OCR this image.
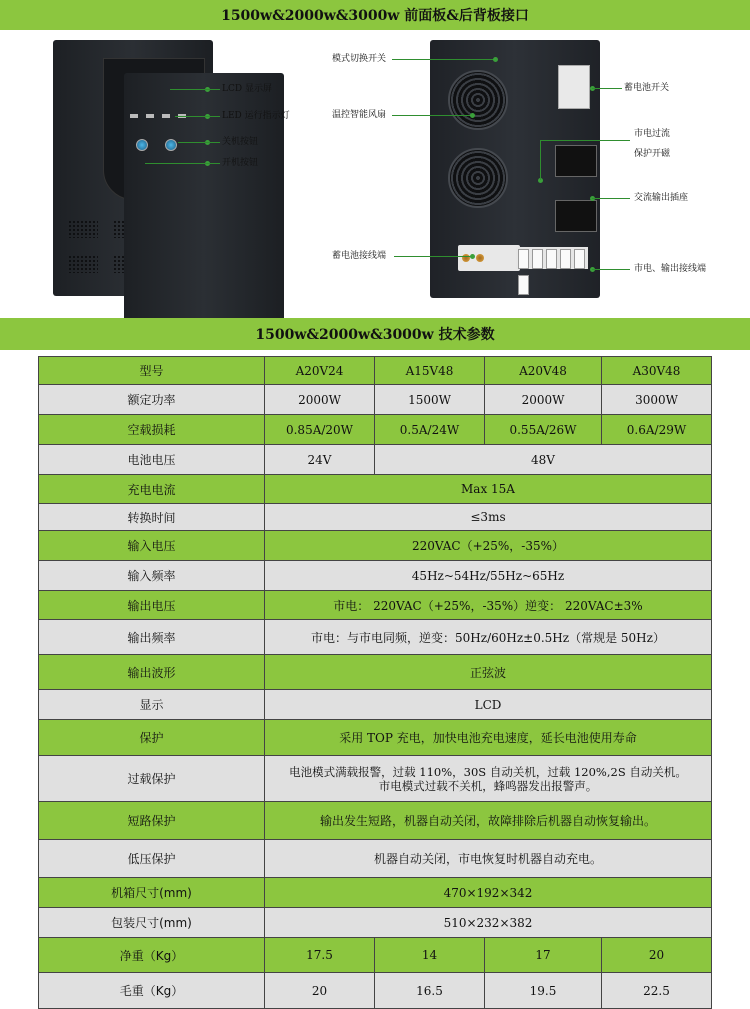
1500w&2000w&3000w 前面板&后背板接口
LCD 显示屏
LED 运行指示灯
关机按钮
开机按钮
模式切换开关
温控智能风扇
蓄电池接线端
蓄电池开关
市电过流
保护开磁
交流输出插座
市电、输出接线端
1500w&2000w&3000w 技术参数
型号	A20V24	A15V48	A20V48	A30V48
额定功率	2000W	1500W	2000W	3000W
空载损耗	0.85A/20W	0.5A/24W	0.55A/26W	0.6A/29W
电池电压	24V	48V		
充电电流	Max 15A			
转换时间	≤3ms			
输入电压	220VAC（+25%，-35%）			
输入频率	45Hz~54Hz/55Hz~65Hz			
输出电压	市电： 220VAC（+25%，-35%）逆变： 220VAC±3%			
输出频率	市电：与市电同频，逆变：50Hz/60Hz±0.5Hz（常规是 50Hz）			
输出波形	正弦波			
显示	LCD			
保护	采用 TOP 充电，加快电池充电速度，延长电池使用寿命			
过载保护	电池模式满载报警，过载 110%，30S 自动关机，过载 120%,2S 自动关机。
市电模式过载不关机，蜂鸣器发出报警声。			

短路保护	输出发生短路，机器自动关闭，故障排除后机器自动恢复输出。			
低压保护	机器自动关闭，市电恢复时机器自动充电。			
机箱尺寸(mm)	470×192×342			
包装尺寸(mm)	510×232×382			
净重（Kg）	17.5	14	17	20
毛重（Kg）	20	16.5	19.5	22.5
